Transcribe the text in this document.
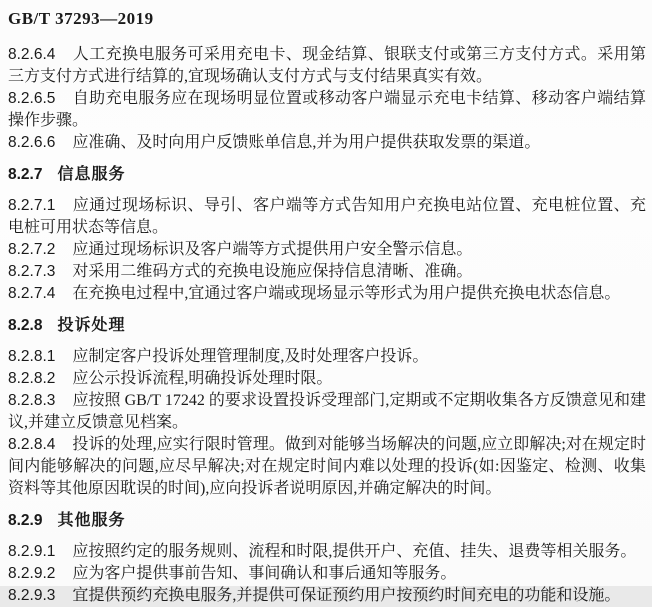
GB/T 37293—2019

8.2.6.4 人工充换电服务可采用充电卡、现金结算、银联支付或第三方支付方式。采用第三方支付方式进行结算的,宜现场确认支付方式与支付结果真实有效。

8.2.6.5 自助充电服务应在现场明显位置或移动客户端显示充电卡结算、移动客户端结算操作步骤。

8.2.6.6 应准确、及时向用户反馈账单信息,并为用户提供获取发票的渠道。

8.2.7 信息服务

8.2.7.1 应通过现场标识、导引、客户端等方式告知用户充换电站位置、充电桩位置、充电桩可用状态等信息。

8.2.7.2 应通过现场标识及客户端等方式提供用户安全警示信息。

8.2.7.3 对采用二维码方式的充换电设施应保持信息清晰、准确。

8.2.7.4 在充换电过程中,宜通过客户端或现场显示等形式为用户提供充换电状态信息。

8.2.8 投诉处理

8.2.8.1 应制定客户投诉处理管理制度,及时处理客户投诉。

8.2.8.2 应公示投诉流程,明确投诉处理时限。

8.2.8.3 应按照 GB/T 17242 的要求设置投诉受理部门,定期或不定期收集各方反馈意见和建议,并建立反馈意见档案。

8.2.8.4 投诉的处理,应实行限时管理。做到对能够当场解决的问题,应立即解决;对在规定时间内能够解决的问题,应尽早解决;对在规定时间内难以处理的投诉(如:因鉴定、检测、收集资料等其他原因耽误的时间),应向投诉者说明原因,并确定解决的时间。

8.2.9 其他服务

8.2.9.1 应按照约定的服务规则、流程和时限,提供开户、充值、挂失、退费等相关服务。

8.2.9.2 应为客户提供事前告知、事间确认和事后通知等服务。

8.2.9.3 宜提供预约充换电服务,并提供可保证预约用户按预约时间充电的功能和设施。
